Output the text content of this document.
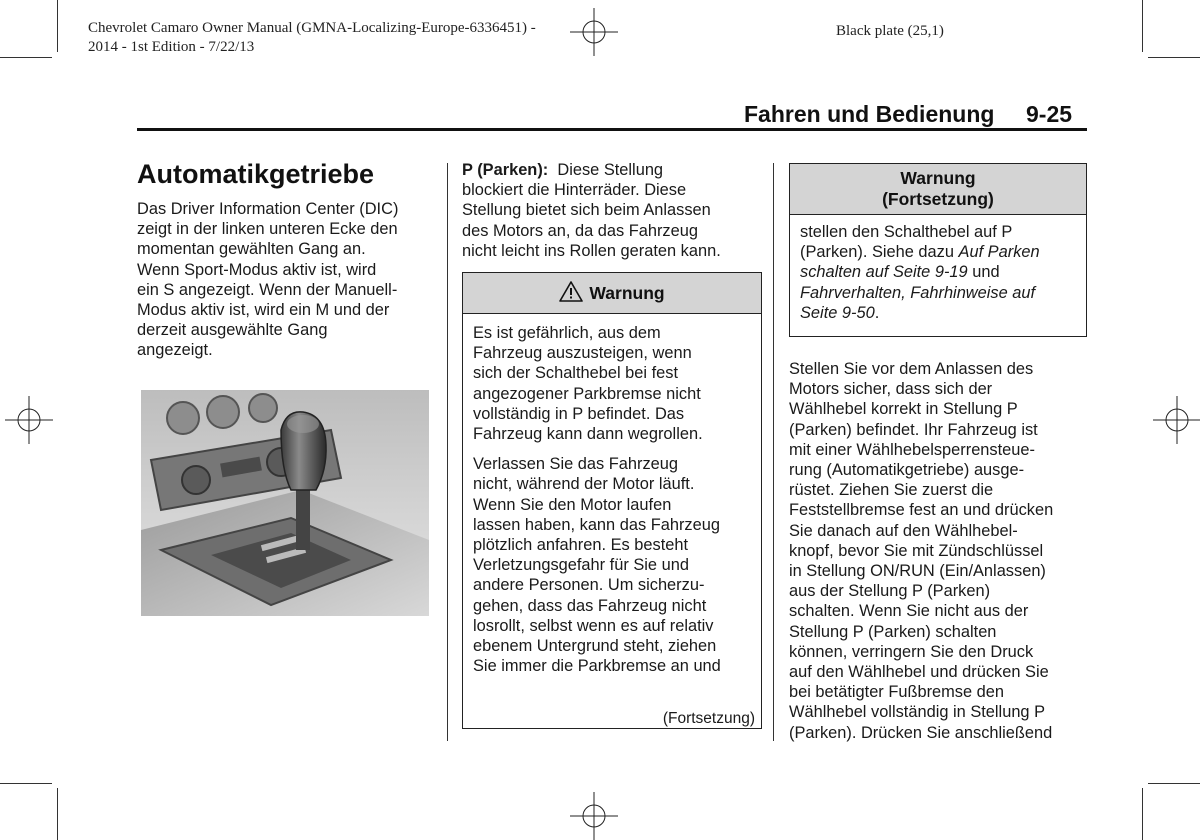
Chevrolet Camaro Owner Manual (GMNA-Localizing-Europe-6336451) -
2014 - 1st Edition - 7/22/13
Black plate (25,1)
Fahren und Bedienung 9-25
Automatikgetriebe
Das Driver Information Center (DIC)
zeigt in der linken unteren Ecke den
momentan gewählten Gang an.
Wenn Sport-Modus aktiv ist, wird
ein S angezeigt. Wenn der Manuell-
Modus aktiv ist, wird ein M und der
derzeit ausgewählte Gang
angezeigt.
P (Parken): Diese Stellung
blockiert die Hinterräder. Diese
Stellung bietet sich beim Anlassen
des Motors an, da das Fahrzeug
nicht leicht ins Rollen geraten kann.
Warnung

Es ist gefährlich, aus dem
Fahrzeug auszusteigen, wenn
sich der Schalthebel bei fest
angezogener Parkbremse nicht
vollständig in P befindet. Das
Fahrzeug kann dann wegrollen.

Verlassen Sie das Fahrzeug
nicht, während der Motor läuft.
Wenn Sie den Motor laufen
lassen haben, kann das Fahrzeug
plötzlich anfahren. Es besteht
Verletzungsgefahr für Sie und
andere Personen. Um sicherzu-
gehen, dass das Fahrzeug nicht
losrollt, selbst wenn es auf relativ
ebenem Untergrund steht, ziehen
Sie immer die Parkbremse an und

(Fortsetzung)
Warnung
(Fortsetzung)
stellen den Schalthebel auf P
(Parken). Siehe dazu Auf Parken
schalten auf Seite 9-19 und
Fahrverhalten, Fahrhinweise auf
Seite 9-50.
Stellen Sie vor dem Anlassen des
Motors sicher, dass sich der
Wählhebel korrekt in Stellung P
(Parken) befindet. Ihr Fahrzeug ist
mit einer Wählhebelsperrensteue-
rung (Automatikgetriebe) ausge-
rüstet. Ziehen Sie zuerst die
Feststellbremse fest an und drücken
Sie danach auf den Wählhebel-
knopf, bevor Sie mit Zündschlüssel
in Stellung ON/RUN (Ein/Anlassen)
aus der Stellung P (Parken)
schalten. Wenn Sie nicht aus der
Stellung P (Parken) schalten
können, verringern Sie den Druck
auf den Wählhebel und drücken Sie
bei betätigter Fußbremse den
Wählhebel vollständig in Stellung P
(Parken). Drücken Sie anschließend
